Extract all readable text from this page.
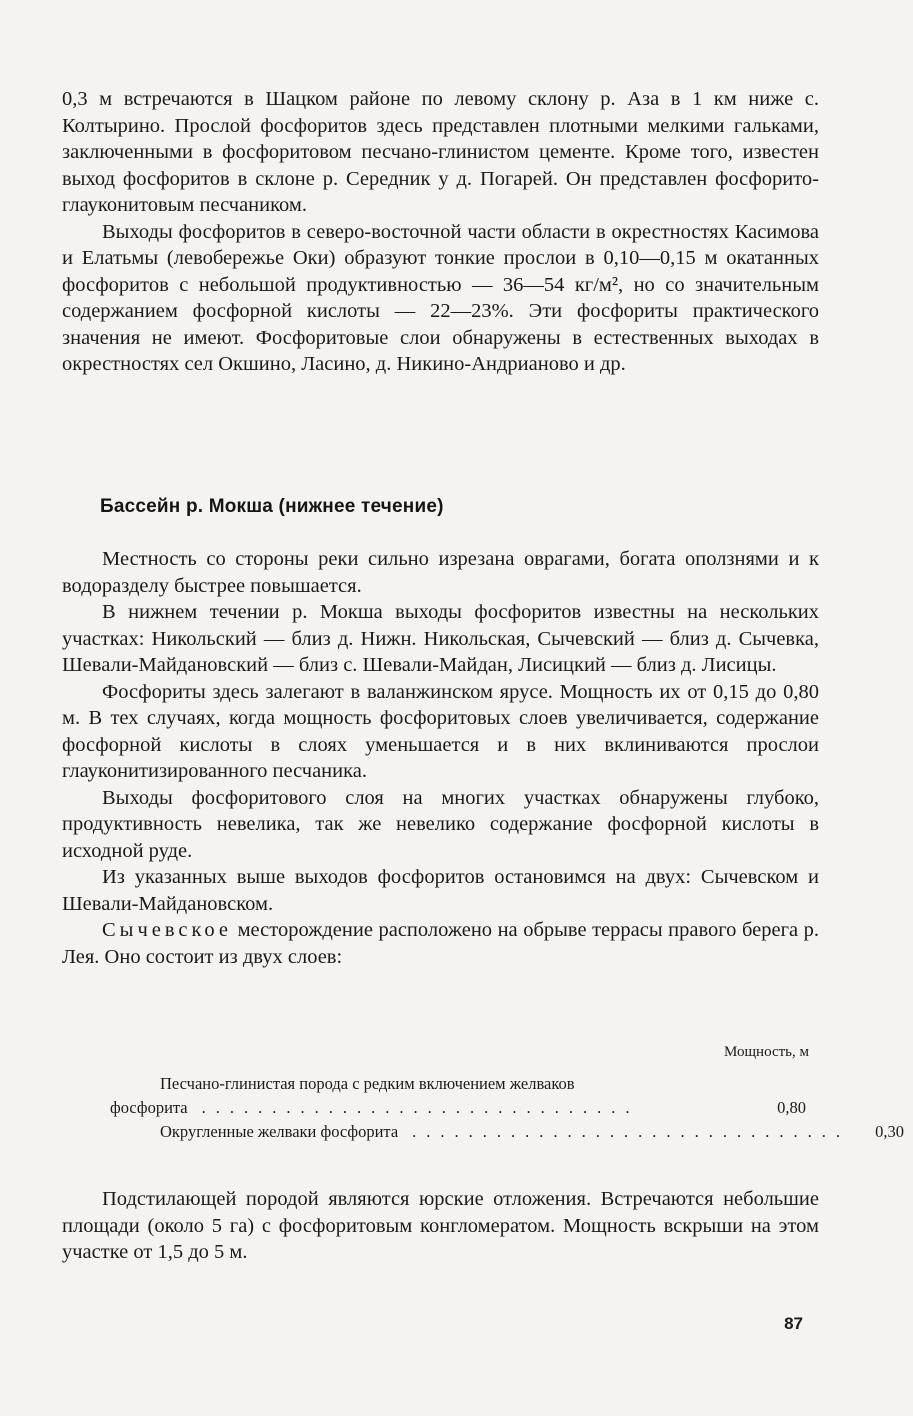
0,3 м встречаются в Шацком районе по левому склону р. Аза в 1 км ниже с. Колтырино. Прослой фосфоритов здесь представлен плотными мелкими гальками, заключенными в фосфоритовом песчано-глинистом цементе. Кроме того, известен выход фосфоритов в склоне р. Середник у д. Погарей. Он представлен фосфорито-глауконитовым песчаником.

Выходы фосфоритов в северо-восточной части области в окрестностях Касимова и Елатьмы (левобережье Оки) образуют тонкие прослои в 0,10—0,15 м окатанных фосфоритов с небольшой продуктивностью — 36—54 кг/м², но со значительным содержанием фосфорной кислоты — 22—23%. Эти фосфориты практического значения не имеют. Фосфоритовые слои обнаружены в естественных выходах в окрестностях сел Окшино, Ласино, д. Никино-Андрианово и др.

Бассейн р. Мокша (нижнее течение)

Местность со стороны реки сильно изрезана оврагами, богата оползнями и к водоразделу быстрее повышается.

В нижнем течении р. Мокша выходы фосфоритов известны на нескольких участках: Никольский — близ д. Нижн. Никольская, Сычевский — близ д. Сычевка, Шевали-Майдановский — близ с. Шевали-Майдан, Лисицкий — близ д. Лисицы.

Фосфориты здесь залегают в валанжинском ярусе. Мощность их от 0,15 до 0,80 м. В тех случаях, когда мощность фосфоритовых слоев увеличивается, содержание фосфорной кислоты в слоях уменьшается и в них вклиниваются прослои глауконитизированного песчаника.

Выходы фосфоритового слоя на многих участках обнаружены глубоко, продуктивность невелика, так же невелико содержание фосфорной кислоты в исходной руде.

Из указанных выше выходов фосфоритов остановимся на двух: Сычевском и Шевали-Майдановском.

Сычевское месторождение расположено на обрыве террасы правого берега р. Лея. Оно состоит из двух слоев:

Мощность, м
Песчано-глинистая порода с редким включением желваков
фосфорита ...............................	0,80
Округленные желваки фосфорита ...............................	0,30

Подстилающей породой являются юрские отложения. Встречаются небольшие площади (около 5 га) с фосфоритовым конгломератом. Мощность вскрыши на этом участке от 1,5 до 5 м.

87
